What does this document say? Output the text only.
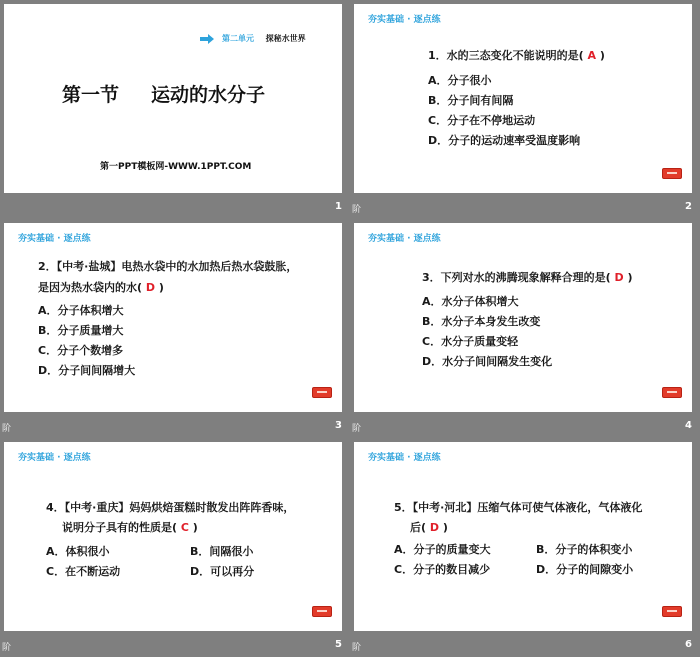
第二单元 探秘水世界
第一节 运动的水分子
第一PPT模板网-WWW.1PPT.COM
1
夯实基础 · 逐点练
1．水的三态变化不能说明的是( A )
A．分子很小
B．分子间有间隔
C．分子在不停地运动
D．分子的运动速率受温度影响
阶	2
夯实基础 · 逐点练
2．【中考·盐城】电热水袋中的水加热后热水袋鼓胀，
是因为热水袋内的水( D )
A．分子体积增大
B．分子质量增大
C．分子个数增多
D．分子间间隔增大
阶	3
夯实基础 · 逐点练
3．下列对水的沸腾现象解释合理的是( D )
A．水分子体积增大
B．水分子本身发生改变
C．水分子质量变轻
D．水分子间间隔发生变化
阶	4
夯实基础 · 逐点练
4．【中考·重庆】妈妈烘焙蛋糕时散发出阵阵香味，
说明分子具有的性质是( C )
A．体积很小	B．间隔很小
C．在不断运动	D．可以再分
阶	5
夯实基础 · 逐点练
5．【中考·河北】压缩气体可使气体液化，气体液化
后( D )
A．分子的质量变大	B．分子的体积变小
C．分子的数目减少	D．分子的间隙变小
阶	6
